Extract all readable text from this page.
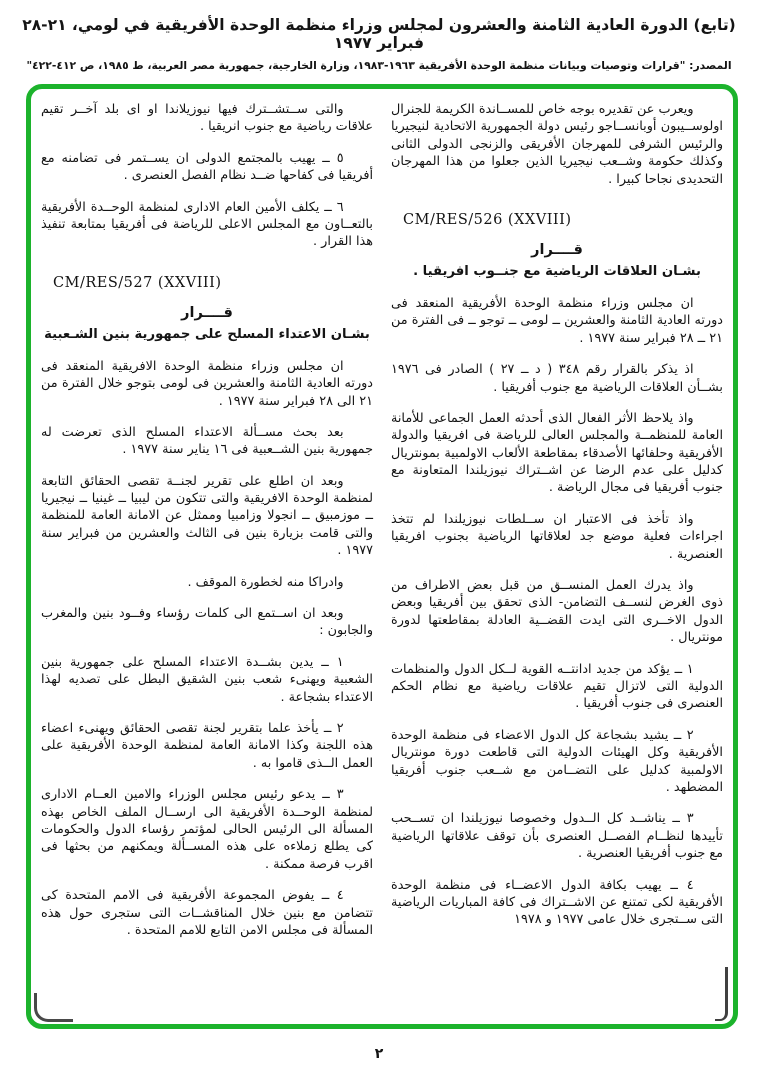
(تابع) الدورة العادية الثامنة والعشرون لمجلس وزراء منظمة الوحدة الأفريقية في لومي، ٢١-٢٨ فبراير ١٩٧٧
المصدر: "قرارات وتوصيات وبيانات منظمة الوحدة الأفريقية ١٩٦٣-١٩٨٣، وزارة الخارجية، جمهورية مصر العربية، ط ١٩٨٥، ص ٤١٢-٤٢٢"

ويعرب عن تقديره بوجه خاص للمســاندة الكريمة للجنرال اولوســيبون أوبانســاجو رئيس دولة الجمهورية الاتحادية لنيجيريا والرئيس الشرفى للمهرجان الأفريقى والزنجى الدولى الثانى وكذلك حكومة وشــعب نيجيريا الذين جعلوا من هذا المهرجان التحديدى نجاحا كبيرا .

CM/RES/526 (XXVIII)

قــــرار

بشـان العلاقات الرياضية مع جنــوب افريقيا .

ان مجلس وزراء منظمة الوحدة الأفريقية المنعقد فى دورته العادية الثامنة والعشرين ــ لومى ــ توجو ــ فى الفترة من ٢١ ــ ٢٨ فبراير سنة ١٩٧٧ .

اذ يذكر بالقرار رقم ٣٤٨ ( د ــ ٢٧ ) الصادر فى ١٩٧٦ بشــأن العلاقات الرياضية مع جنوب أفريقيا .

واذ يلاحظ الأثر الفعال الذى أحدثه العمل الجماعى للأمانة العامة للمنظمــة والمجلس العالى للرياضة فى افريقيا والدولة الأفريقية وحلفائها الأصدقاء بمقاطعة الألعاب الاولمبية بمونتريال كدليل على عدم الرضا عن اشــتراك نيوزيلندا المتعاونة مع جنوب أفريقيا فى مجال الرياضة .

واذ تأخذ فى الاعتبار ان ســلطات نيوزيلندا لم تتخذ اجراءات فعلية موضع جد لعلاقاتها الرياضية بجنوب افريقيا العنصرية .

واذ يدرك العمل المنســق من قبل بعض الاطراف من ذوى الغرض لنســف التضامن- الذى تحقق بين أفريقيا وبعض الدول الاخــرى التى ايدت القضــية العادلة بمقاطعتها لدورة مونتريال .

١ ــ يؤكد من جديد ادانتــه القوية لــكل الدول والمنظمات الدولية التى لاتزال تقيم علاقات رياضية مع نظام الحكم العنصرى فى جنوب أفريقيا .

٢ ــ يشيد بشجاعة كل الدول الاعضاء فى منظمة الوحدة الأفريقية وكل الهيئات الدولية التى قاطعت دورة مونتريال الاولمبية كدليل على التضــامن مع شــعب جنوب أفريقيا المضطهد .

٣ ــ يناشــد كل الــدول وخصوصا نيوزيلندا ان تســحب تأييدها لنظــام الفصــل العنصرى بأن توقف علاقاتها الرياضية مع جنوب أفريقيا العنصرية .

٤ ــ يهيب بكافة الدول الاعضــاء فى منظمة الوحدة الأفريقية لكى تمتنع عن الاشــتراك فى كافة المباريات الرياضية التى ســتجرى خلال عامى ١٩٧٧ و ١٩٧٨

والتى ســتشــترك فيها نيوزيلاندا او اى بلد آخــر تقيم علاقات رياضية مع جنوب انريقيا .

٥ ــ يهيب بالمجتمع الدولى ان يســتمر فى تضامنه مع أفريقيا فى كفاحها ضــد نظام الفصل العنصرى .

٦ ــ يكلف الأمين العام الادارى لمنظمة الوحــدة الأفريقية بالتعــاون مع المجلس الاعلى للرياضة فى أفريقيا بمتابعة تنفيذ هذا القرار .

CM/RES/527 (XXVIII)

قــــرار

بشـان الاعتداء المسلح على جمهورية بنين الشـعبية

ان مجلس وزراء منظمة الوحدة الافريقية المنعقد فى دورته العادية الثامنة والعشرين فى لومى بتوجو خلال الفترة من ٢١ الى ٢٨ فبراير سنة ١٩٧٧ .

بعد بحث مســألة الاعتداء المسلح الذى تعرضت له جمهورية بنين الشــعبية فى ١٦ يناير سنة ١٩٧٧ .

وبعد ان اطلع على تقرير لجنــة تقصى الحقائق التابعة لمنظمة الوحدة الافريقية والتى تتكون من ليبيا ــ غينيا ــ نيجيريا ــ موزمبيق ــ انجولا وزامبيا وممثل عن الامانة العامة للمنظمة والتى قامت بزيارة بنين فى الثالث والعشرين من فبراير سنة ١٩٧٧ .

وادراكا منه لخطورة الموقف .

وبعد ان اســتمع الى كلمات رؤساء وفــود بنين والمغرب والجابون :

١ ــ يدين بشــدة الاعتداء المسلح على جمهورية بنين الشعبية ويهنىء شعب بنين الشقيق البطل على تصديه لهذا الاعتداء بشجاعة .

٢ ــ يأخذ علما بتقرير لجنة تقصى الحقائق ويهنىء اعضاء هذه اللجنة وكذا الامانة العامة لمنظمة الوحدة الأفريقية على العمل الــذى قاموا به .

٣ ــ يدعو رئيس مجلس الوزراء والامين العــام الادارى لمنظمة الوحــدة الأفريقية الى ارســال الملف الخاص بهذه المسألة الى الرئيس الحالى لمؤتمر رؤساء الدول والحكومات كى يطلع زملاءه على هذه المســألة ويمكنهم من بحثها فى اقرب فرصة ممكنة .

٤ ــ يفوض المجموعة الأفريقية فى الامم المتحدة كى تتضامن مع بنين خلال المناقشــات التى ستجرى حول هذه المسألة فى مجلس الامن التابع للامم المتحدة .

٢
